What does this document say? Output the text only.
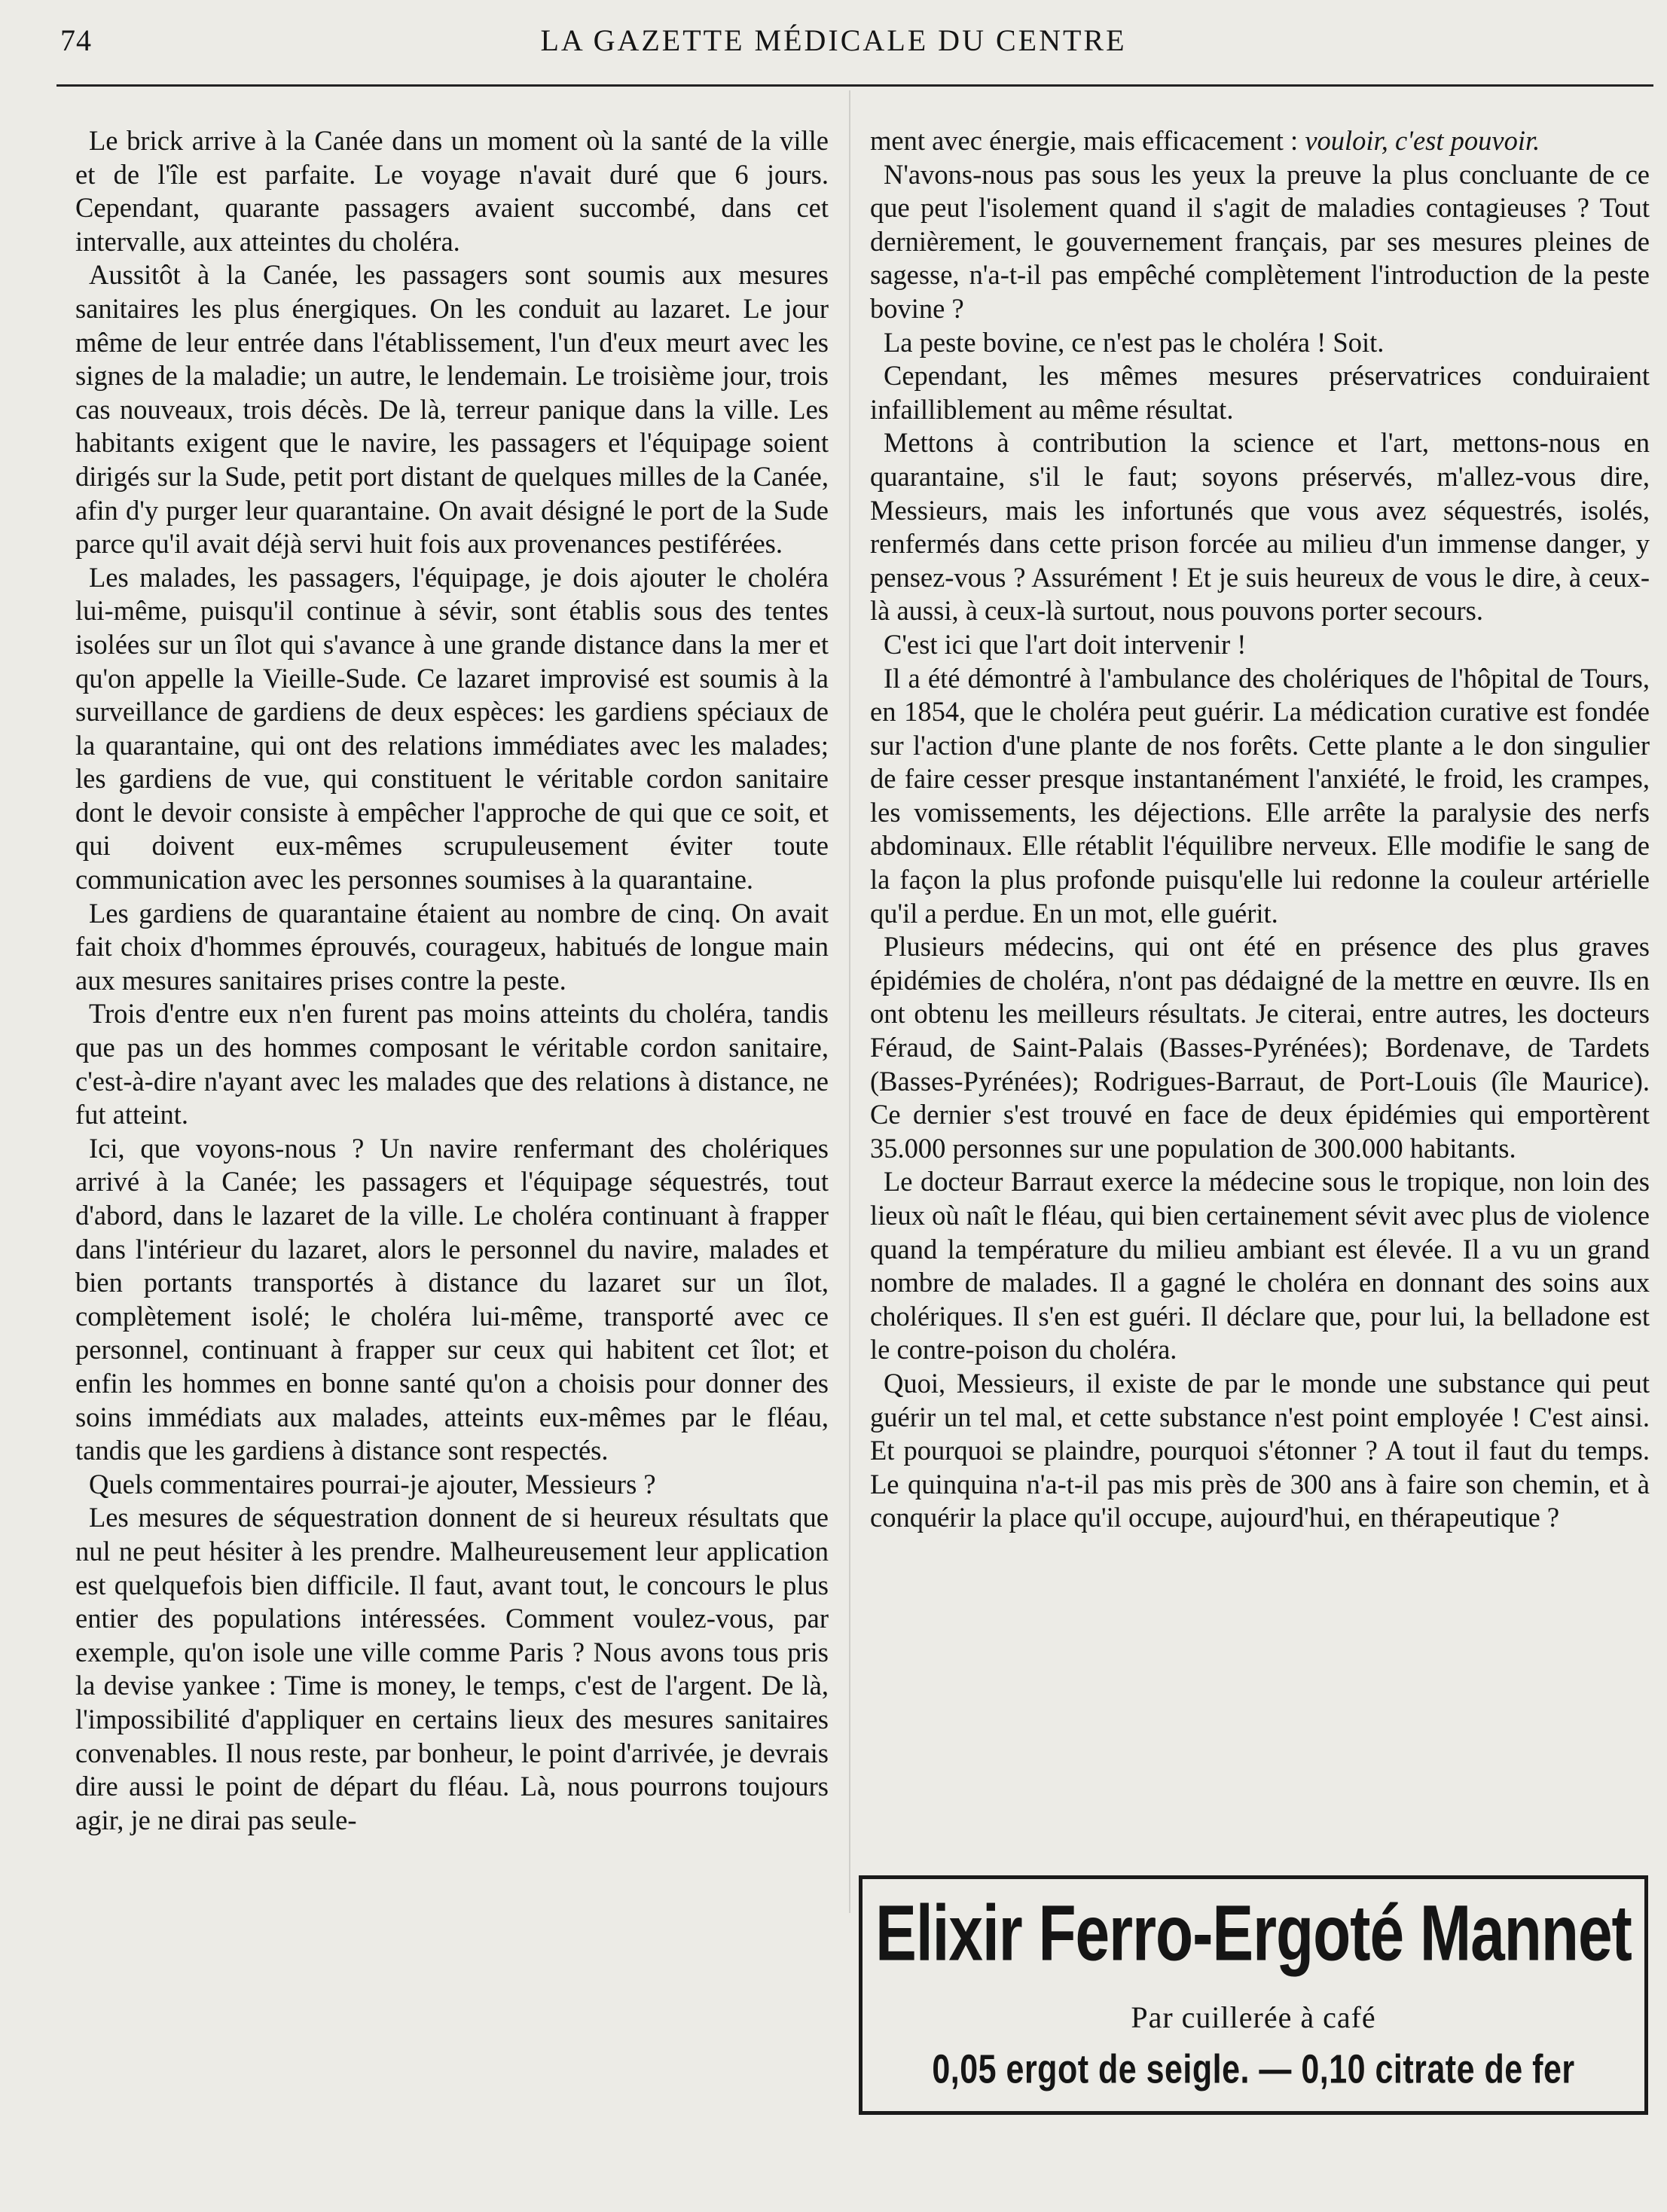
74	LA GAZETTE MÉDICALE DU CENTRE

Le brick arrive à la Canée dans un moment où la santé de la ville et de l'île est parfaite. Le voyage n'avait duré que 6 jours. Cependant, quarante passagers avaient succombé, dans cet intervalle, aux atteintes du choléra.

Aussitôt à la Canée, les passagers sont soumis aux mesures sanitaires les plus énergiques. On les conduit au lazaret. Le jour même de leur entrée dans l'établissement, l'un d'eux meurt avec les signes de la maladie; un autre, le lendemain. Le troisième jour, trois cas nouveaux, trois décès. De là, terreur panique dans la ville. Les habitants exigent que le navire, les passagers et l'équipage soient dirigés sur la Sude, petit port distant de quelques milles de la Canée, afin d'y purger leur quarantaine. On avait désigné le port de la Sude parce qu'il avait déjà servi huit fois aux provenances pestiférées.

Les malades, les passagers, l'équipage, je dois ajouter le choléra lui-même, puisqu'il continue à sévir, sont établis sous des tentes isolées sur un îlot qui s'avance à une grande distance dans la mer et qu'on appelle la Vieille-Sude. Ce lazaret improvisé est soumis à la surveillance de gardiens de deux espèces: les gardiens spéciaux de la quarantaine, qui ont des relations immédiates avec les malades; les gardiens de vue, qui constituent le véritable cordon sanitaire dont le devoir consiste à empêcher l'approche de qui que ce soit, et qui doivent eux-mêmes scrupuleusement éviter toute communication avec les personnes soumises à la quarantaine.

Les gardiens de quarantaine étaient au nombre de cinq. On avait fait choix d'hommes éprouvés, courageux, habitués de longue main aux mesures sanitaires prises contre la peste.

Trois d'entre eux n'en furent pas moins atteints du choléra, tandis que pas un des hommes composant le véritable cordon sanitaire, c'est-à-dire n'ayant avec les malades que des relations à distance, ne fut atteint.

Ici, que voyons-nous ? Un navire renfermant des cholériques arrivé à la Canée; les passagers et l'équipage séquestrés, tout d'abord, dans le lazaret de la ville. Le choléra continuant à frapper dans l'intérieur du lazaret, alors le personnel du navire, malades et bien portants transportés à distance du lazaret sur un îlot, complètement isolé; le choléra lui-même, transporté avec ce personnel, continuant à frapper sur ceux qui habitent cet îlot; et enfin les hommes en bonne santé qu'on a choisis pour donner des soins immédiats aux malades, atteints eux-mêmes par le fléau, tandis que les gardiens à distance sont respectés.

Quels commentaires pourrai-je ajouter, Messieurs ?

Les mesures de séquestration donnent de si heureux résultats que nul ne peut hésiter à les prendre. Malheureusement leur application est quelquefois bien difficile. Il faut, avant tout, le concours le plus entier des populations intéressées. Comment voulez-vous, par exemple, qu'on isole une ville comme Paris ? Nous avons tous pris la devise yankee : Time is money, le temps, c'est de l'argent. De là, l'impossibilité d'appliquer en certains lieux des mesures sanitaires convenables. Il nous reste, par bonheur, le point d'arrivée, je devrais dire aussi le point de départ du fléau. Là, nous pourrons toujours agir, je ne dirai pas seule-

ment avec énergie, mais efficacement : vouloir, c'est pouvoir.

N'avons-nous pas sous les yeux la preuve la plus concluante de ce que peut l'isolement quand il s'agit de maladies contagieuses ? Tout dernièrement, le gouvernement français, par ses mesures pleines de sagesse, n'a-t-il pas empêché complètement l'introduction de la peste bovine ?

La peste bovine, ce n'est pas le choléra ! Soit.

Cependant, les mêmes mesures préservatrices conduiraient infailliblement au même résultat.

Mettons à contribution la science et l'art, mettons-nous en quarantaine, s'il le faut; soyons préservés, m'allez-vous dire, Messieurs, mais les infortunés que vous avez séquestrés, isolés, renfermés dans cette prison forcée au milieu d'un immense danger, y pensez-vous ? Assurément ! Et je suis heureux de vous le dire, à ceux-là aussi, à ceux-là surtout, nous pouvons porter secours.

C'est ici que l'art doit intervenir !

Il a été démontré à l'ambulance des cholériques de l'hôpital de Tours, en 1854, que le choléra peut guérir. La médication curative est fondée sur l'action d'une plante de nos forêts. Cette plante a le don singulier de faire cesser presque instantanément l'anxiété, le froid, les crampes, les vomissements, les déjections. Elle arrête la paralysie des nerfs abdominaux. Elle rétablit l'équilibre nerveux. Elle modifie le sang de la façon la plus profonde puisqu'elle lui redonne la couleur artérielle qu'il a perdue. En un mot, elle guérit.

Plusieurs médecins, qui ont été en présence des plus graves épidémies de choléra, n'ont pas dédaigné de la mettre en œuvre. Ils en ont obtenu les meilleurs résultats. Je citerai, entre autres, les docteurs Féraud, de Saint-Palais (Basses-Pyrénées); Bordenave, de Tardets (Basses-Pyrénées); Rodrigues-Barraut, de Port-Louis (île Maurice). Ce dernier s'est trouvé en face de deux épidémies qui emportèrent 35.000 personnes sur une population de 300.000 habitants.

Le docteur Barraut exerce la médecine sous le tropique, non loin des lieux où naît le fléau, qui bien certainement sévit avec plus de violence quand la température du milieu ambiant est élevée. Il a vu un grand nombre de malades. Il a gagné le choléra en donnant des soins aux cholériques. Il s'en est guéri. Il déclare que, pour lui, la belladone est le contre-poison du choléra.

Quoi, Messieurs, il existe de par le monde une substance qui peut guérir un tel mal, et cette substance n'est point employée ! C'est ainsi. Et pourquoi se plaindre, pourquoi s'étonner ? A tout il faut du temps. Le quinquina n'a-t-il pas mis près de 300 ans à faire son chemin, et à conquérir la place qu'il occupe, aujourd'hui, en thérapeutique ?

Elixir Ferro-Ergoté Mannet
Par cuillerée à café
0,05 ergot de seigle. — 0,10 citrate de fer
